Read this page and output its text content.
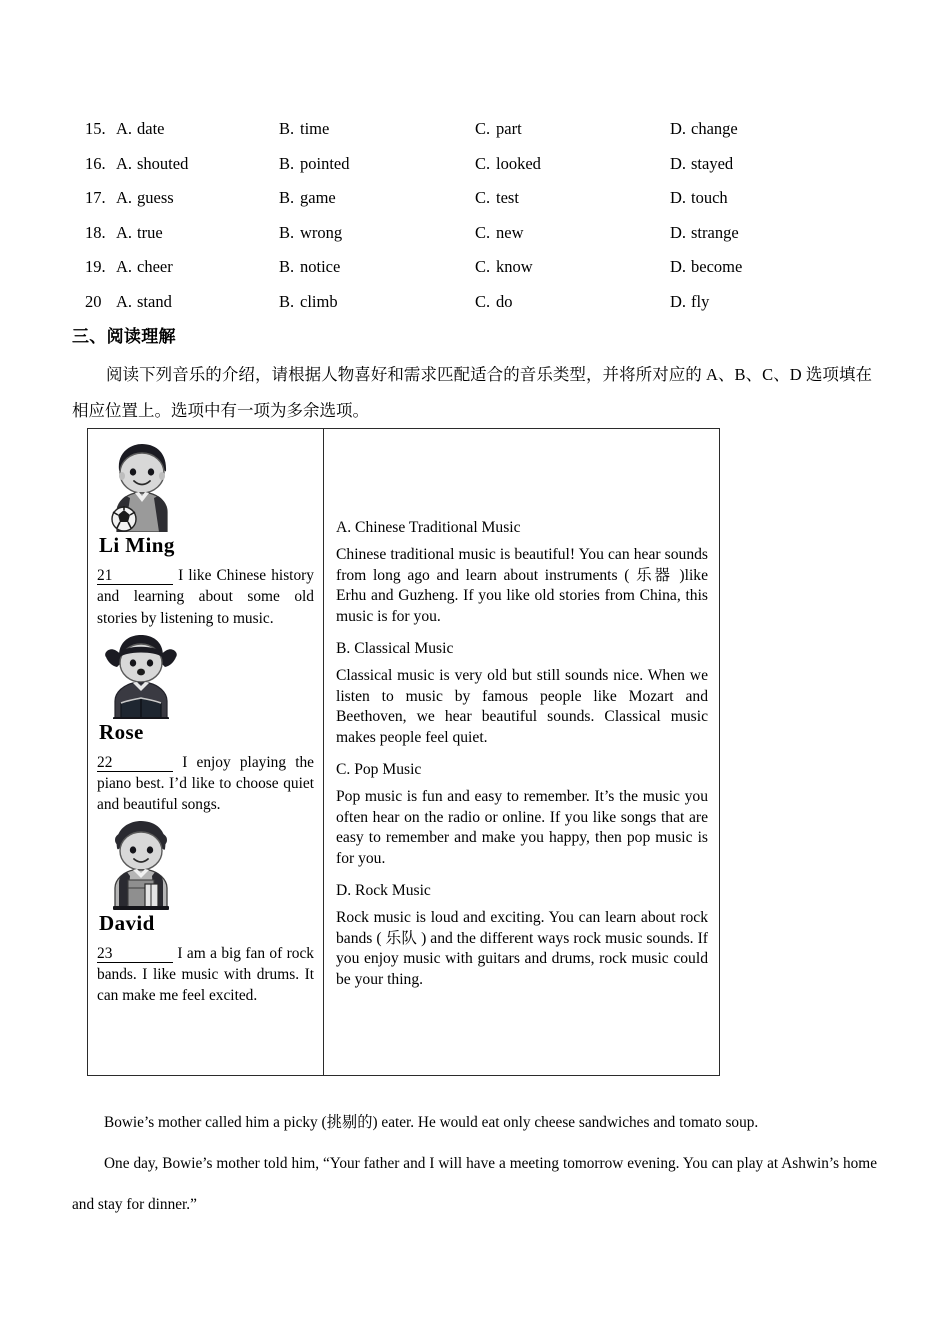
15. A. date	B. time	C. part	D. change
16. A. shouted	B. pointed	C. looked	D. stayed
17. A. guess	B. game	C. test	D. touch
18. A. true	B. wrong	C. new	D. strange
19. A. cheer	B. notice	C. know	D. become
20 A. stand	B. climb	C. do	D. fly
三、阅读理解
阅读下列音乐的介绍，请根据人物喜好和需求匹配适合的音乐类型，并将所对应的 A、B、C、D 选项填在相应位置上。选项中有一项为多余选项。
Li Ming
21	I like Chinese history and learning about some old stories by listening to music.
Rose
22	I enjoy playing the piano best. I’d like to choose quiet and beautiful songs.
David
23	I am a big fan of rock bands. I like music with drums. It can make me feel excited.
A. Chinese Traditional Music
Chinese traditional music is beautiful! You can hear sounds from long ago and learn about instruments ( 乐器 )like Erhu and Guzheng. If you like old stories from China, this music is for you.
B. Classical Music
Classical music is very old but still sounds nice. When we listen to music by famous people like Mozart and Beethoven, we hear beautiful sounds. Classical music makes people feel quiet.
C. Pop Music
Pop music is fun and easy to remember. It’s the music you often hear on the radio or online. If you like songs that are easy to remember and make you happy, then pop music is for you.
D. Rock Music
Rock music is loud and exciting. You can learn about rock bands ( 乐队 ) and the different ways rock music sounds. If you enjoy music with guitars and drums, rock music could be your thing.

Bowie’s mother called him a picky (挑剔的) eater. He would eat only cheese sandwiches and tomato soup.

One day, Bowie’s mother told him, “Your father and I will have a meeting tomorrow evening. You can play at Ashwin’s home and stay for dinner.”
